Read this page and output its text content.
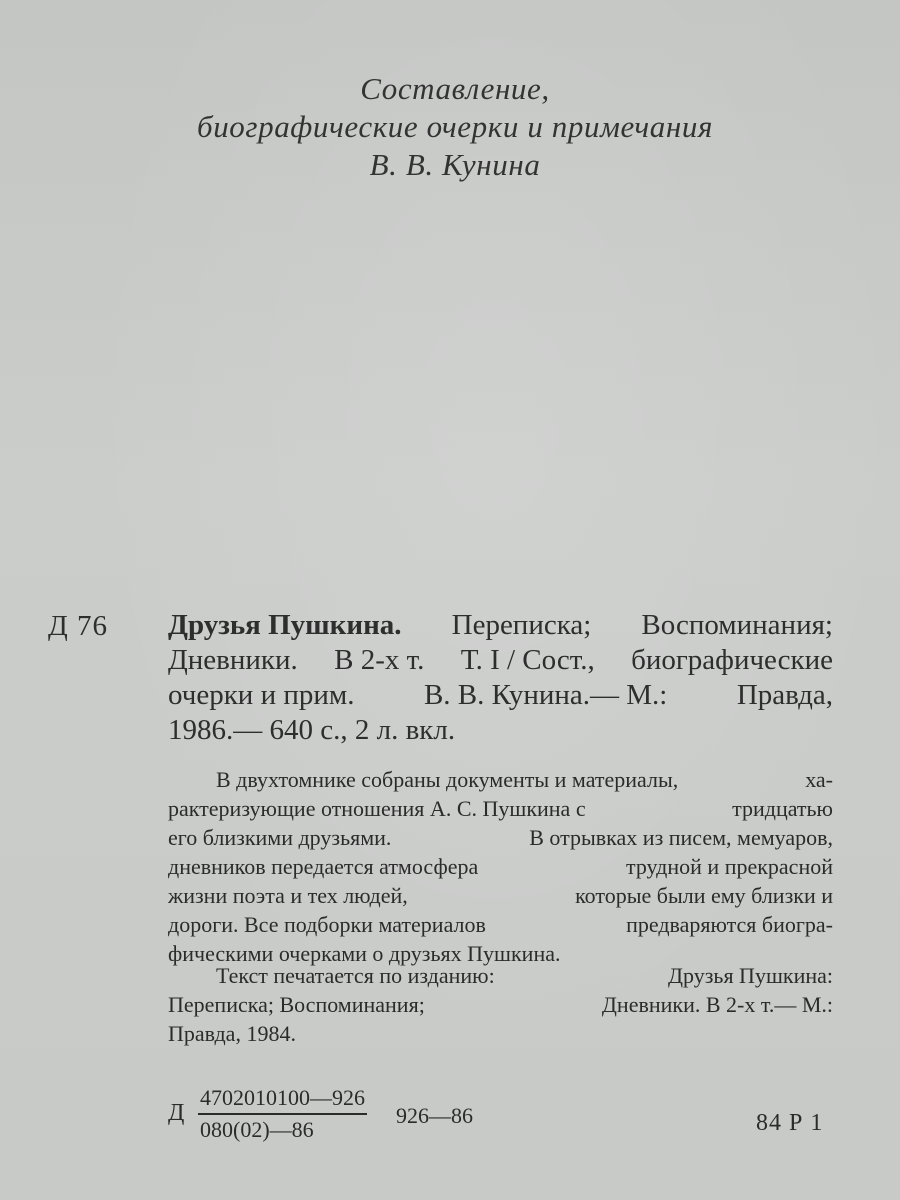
Составление,
биографические очерки и примечания
В. В. Кунина
Д 76 Друзья Пушкина. Переписка; Воспоминания;
Дневники. В 2-х т. Т. I / Сост., биографические
очерки и прим. В. В. Кунина.— М.: Правда,
1986.— 640 с., 2 л. вкл.
В двухтомнике собраны документы и материалы,	ха-
рактеризующие отношения А. С. Пушкина с	тридцатью
его близкими друзьями.	В отрывках из писем, мемуаров,
дневников передается атмосфера	трудной и прекрасной
жизни поэта и тех людей,	которые были ему близки и
дороги. Все подборки материалов	предваряются биогра-
фическими очерками о друзьях Пушкина.
Текст печатается по изданию:	Друзья Пушкина:
Переписка; Воспоминания;	Дневники. В 2-х т.— М.:
Правда, 1984.
Д $\frac{4702010100—926}{080(02)—86}$ 926—86	84 Р 1
